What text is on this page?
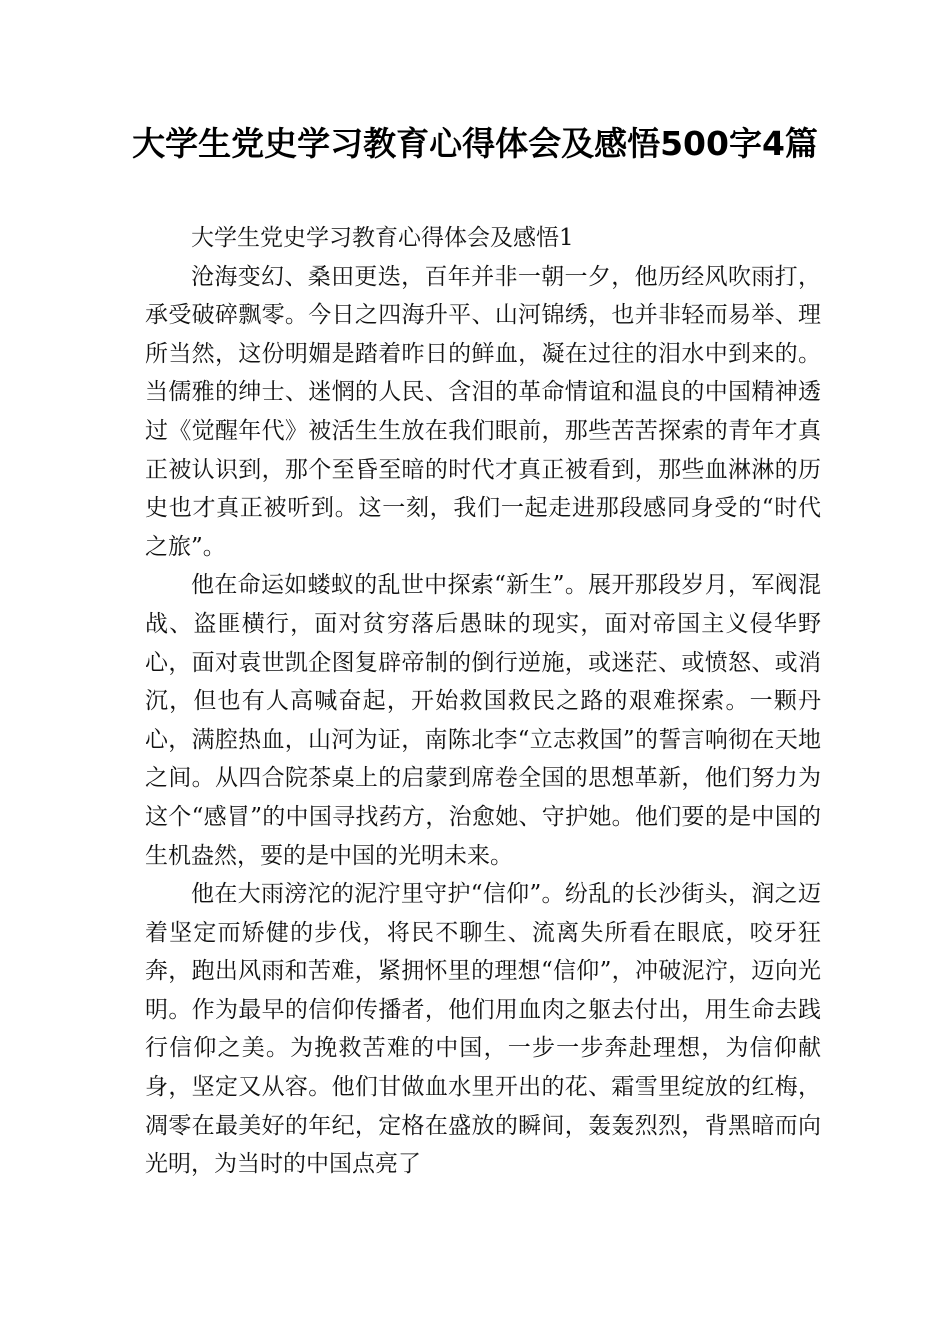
大学生党史学习教育心得体会及感悟500字4篇

大学生党史学习教育心得体会及感悟1

沧海变幻、桑田更迭，百年并非一朝一夕，他历经风吹雨打，承受破碎飘零。今日之四海升平、山河锦绣，也并非轻而易举、理所当然，这份明媚是踏着昨日的鲜血，凝在过往的泪水中到来的。当儒雅的绅士、迷惘的人民、含泪的革命情谊和温良的中国精神透过《觉醒年代》被活生生放在我们眼前，那些苦苦探索的青年才真正被认识到，那个至昏至暗的时代才真正被看到，那些血淋淋的历史也才真正被听到。这一刻，我们一起走进那段感同身受的“时代之旅”。

他在命运如蝼蚁的乱世中探索“新生”。展开那段岁月，军阀混战、盗匪横行，面对贫穷落后愚昧的现实，面对帝国主义侵华野心，面对袁世凯企图复辟帝制的倒行逆施，或迷茫、或愤怒、或消沉，但也有人高喊奋起，开始救国救民之路的艰难探索。一颗丹心，满腔热血，山河为证，南陈北李“立志救国”的誓言响彻在天地之间。从四合院茶桌上的启蒙到席卷全国的思想革新，他们努力为这个“感冒”的中国寻找药方，治愈她、守护她。他们要的是中国的生机盎然，要的是中国的光明未来。

他在大雨滂沱的泥泞里守护“信仰”。纷乱的长沙街头，润之迈着坚定而矫健的步伐，将民不聊生、流离失所看在眼底，咬牙狂奔，跑出风雨和苦难，紧拥怀里的理想“信仰”，冲破泥泞，迈向光明。作为最早的信仰传播者，他们用血肉之躯去付出，用生命去践行信仰之美。为挽救苦难的中国，一步一步奔赴理想，为信仰献身，坚定又从容。他们甘做血水里开出的花、霜雪里绽放的红梅，凋零在最美好的年纪，定格在盛放的瞬间，轰轰烈烈，背黑暗而向光明，为当时的中国点亮了
